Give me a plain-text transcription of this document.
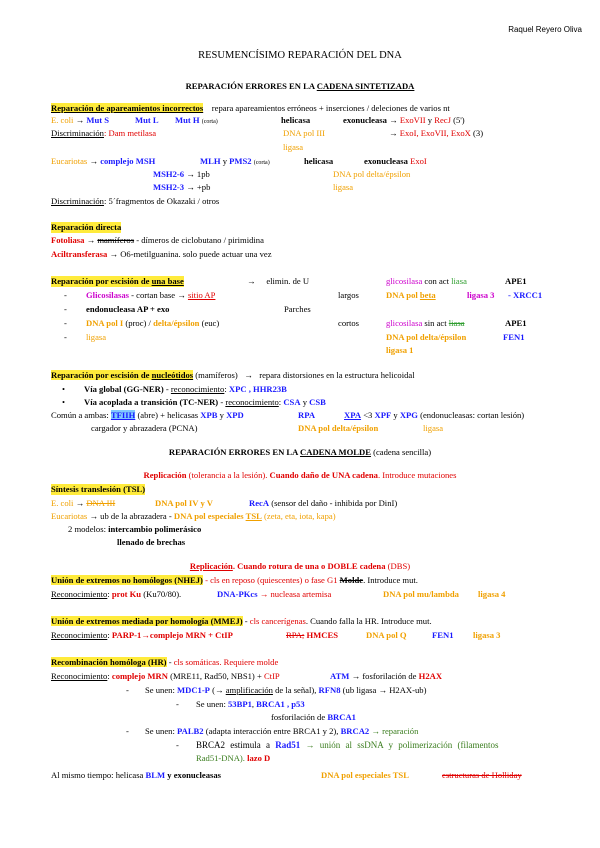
Raquel Reyero Oliva
RESUMENCÍSIMO REPARACIÓN DEL DNA
REPARACIÓN ERRORES EN LA CADENA SINTETIZADA
Reparación de apareamientos incorrectos repara apareamientos erróneos + inserciones / deleciones de varios nt
E. coli → Mut S	Mut L Mut H (corta)	helicasa	exonucleasa → ExoVII y RecJ (5')
Discriminación: Dam metilasa	DNA pol III	→ ExoI, ExoVII, ExoX (3)
ligasa
Eucariotas → complejo MSH	MLH y PMS2 (corta)	helicasa	exonucleasa ExoI
MSH2-6 → 1pb	DNA pol delta/épsilon
MSH2-3 → +pb	ligasa
Discriminación: 5´fragmentos de Okazaki / otros
Reparación directa
Fotoliasa → mamíferos - dímeros de ciclobutano / pirimidina
Aciltransferasa → O6-metilguanina. solo puede actuar una vez
Reparación por escisión de una base	→     elimin. de U	glicosilasa con act liasa	APE1
- Glicosilasas - cortan base → sitio AP	largos	DNA pol beta	ligasa 3 - XRCC1
- endonucleasa AP + exo	Parches
- DNA pol I (proc) / delta/épsilon (euc)	cortos	glicosilasa sin act liasa	APE1
- ligasa	DNA pol delta/épsilon	FEN1
ligasa 1
Reparación por escisión de nucleótidos (mamíferos)   →   repara distorsiones en la estructura helicoidal
• Vía global (GG-NER) - reconocimiento: XPC , HHR23B
• Vía acoplada a transición (TC-NER) - reconocimiento: CSA y CSB
Común a ambas: TFIIH (abre) + helicasas XPB y XPD	RPA	XPA <3 XPF y XPG (endonucleasas: cortan lesión)
cargador y abrazadera (PCNA)	DNA pol delta/épsilon	ligasa
REPARACIÓN ERRORES EN LA CADENA MOLDE (cadena sencilla)
Replicación (tolerancia a la lesión). Cuando daño de UNA cadena. Introduce mutaciones
Síntesis translesión (TSL)
E. coli → DNA III	DNA pol IV y V	RecA (sensor del daño - inhibida por DinI)
Eucariotas → ub de la abrazadera - DNA pol especiales TSL (zeta, eta, iota, kapa)
2 modelos: intercambio polimerásico
llenado de brechas
Replicación. Cuando rotura de una o DOBLE cadena (DBS)
Unión de extremos no homólogos (NHEJ) - cls en reposo (quiescentes) o fase G1 Molde. Introduce mut.
Reconocimiento: prot Ku (Ku70/80).	DNA-PKcs → nucleasa artemisa	DNA pol mu/lambda ligasa 4
Unión de extremos mediada por homología (MMEJ) - cls cancerígenas. Cuando falla la HR. Introduce mut.
Reconocimiento: PARP-1→complejo MRN + CtIP	RPA; HMCES	DNA pol Q	FEN1 ligasa 3
Recombinación homóloga (HR) - cls somáticas. Requiere molde
Reconocimiento: complejo MRN (MRE11, Rad50, NBS1) + CtIP	ATM → fosforilación de H2AX
- Se unen: MDC1-P (→ amplificación de la señal), RFN8 (ub ligasa → H2AX-ub)
- Se unen: 53BP1, BRCA1 , p53
fosforilación de BRCA1
- Se unen: PALB2 (adapta interacción entre BRCA1 y 2), BRCA2 → reparación
- BRCA2 estimula a Rad51 → unión al ssDNA y polimerización (filamentos
Rad51-DNA). lazo D
Al mismo tiempo: helicasa BLM y exonucleasas	DNA pol especiales TSL	estructuras de Holliday
